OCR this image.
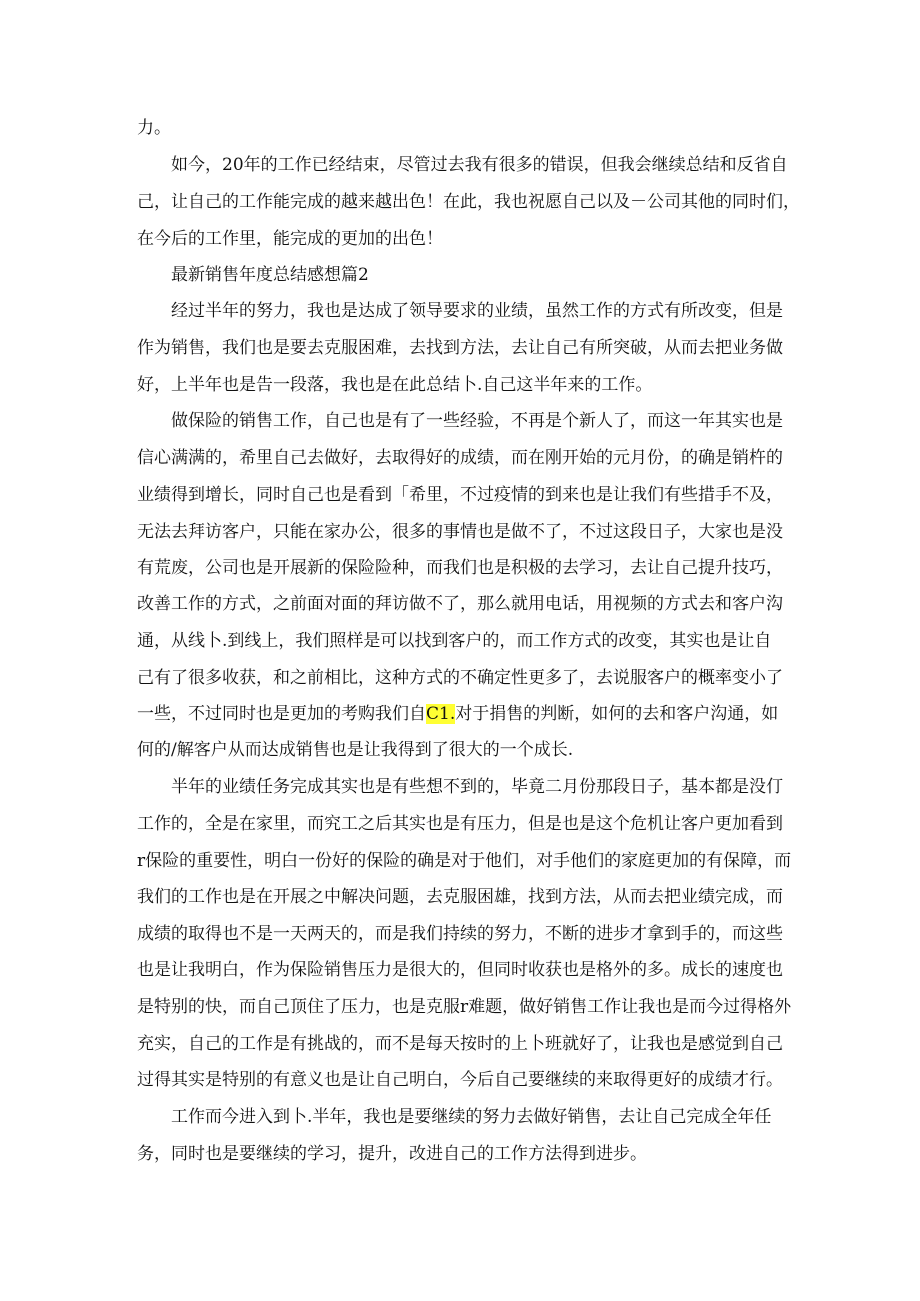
力。
　　如今，20年的工作已经结束，尽管过去我有很多的错误，但我会继续总结和反省自
己，让自己的工作能完成的越来越出色！在此，我也祝愿自己以及－公司其他的同时们，
在今后的工作里，能完成的更加的出色！
　　最新销售年度总结感想篇2
　　经过半年的努力，我也是达成了领导要求的业绩，虽然工作的方式有所改变，但是
作为销售，我们也是要去克服困难，去找到方法，去让自己有所突破，从而去把业务做
好，上半年也是告一段落，我也是在此总结卜.自己这半年来的工作。
　　做保险的销售工作，自己也是有了一些经验，不再是个新人了，而这一年其实也是
信心满满的，希里自己去做好，去取得好的成绩，而在刚开始的元月份，的确是销杵的
业绩得到增长，同时自己也是看到「希里，不过疫情的到来也是让我们有些措手不及，
无法去拜访客户，只能在家办公，很多的事情也是做不了，不过这段日子，大家也是没
有荒废，公司也是开展新的保险险种，而我们也是积极的去学习，去让自己提升技巧，
改善工作的方式，之前面对面的拜访做不了，那么就用电话，用视频的方式去和客户沟
通，从线卜.到线上，我们照样是可以找到客户的，而工作方式的改变，其实也是让自
己有了很多收获，和之前相比，这种方式的不确定性更多了，去说服客户的概率变小了
一些，不过同时也是更加的考购我们自C1.对于捐售的判断，如何的去和客户沟通，如
何的/解客户从而达成销售也是让我得到了很大的一个成长.
　　半年的业绩任务完成其实也是有些想不到的，毕竟二月份那段日子，基本都是没仃
工作的，全是在家里，而究工之后其实也是有压力，但是也是这个危机让客户更加看到
r保险的重要性，明白一份好的保险的确是对于他们，对手他们的家庭更加的有保障，而
我们的工作也是在开展之中解决问题，去克服困雄，找到方法，从而去把业绩完成，而
成绩的取得也不是一天两天的，而是我们持续的努力，不断的进步才拿到手的，而这些
也是让我明白，作为保险销售压力是很大的，但同时收获也是格外的多。成长的速度也
是特别的快，而自己顶住了压力，也是克服r难题，做好销售工作让我也是而今过得格外
充实，自己的工作是有挑战的，而不是每天按时的上卜班就好了，让我也是感觉到自己
过得其实是特别的有意义也是让自己明白，今后自己要继续的来取得更好的成绩才行。
　　工作而今进入到卜.半年，我也是要继续的努力去做好销售，去让自己完成全年任
务，同时也是要继续的学习，提升，改进自己的工作方法得到进步。
